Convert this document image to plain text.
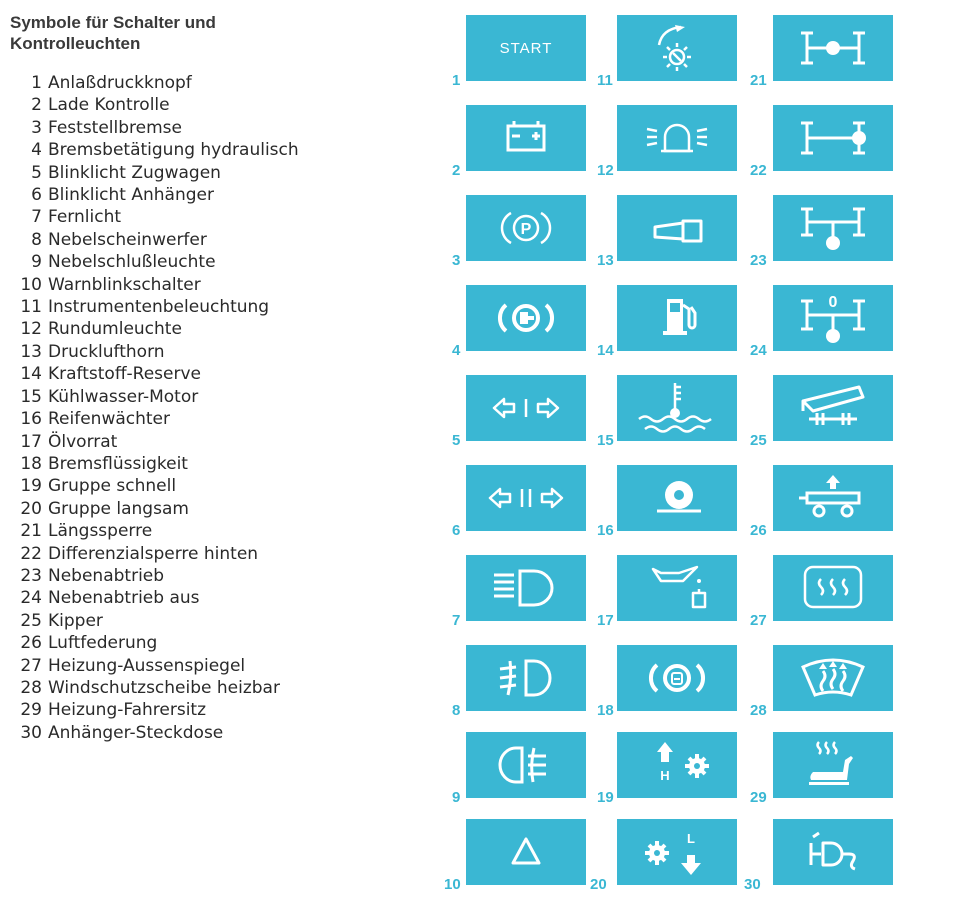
Symbole für Schalter und Kontrolleuchten
1 Anlaßdruckknopf
2 Lade Kontrolle
3 Feststellbremse
4 Bremsbetätigung hydraulisch
5 Blinklicht Zugwagen
6 Blinklicht Anhänger
7 Fernlicht
8 Nebelscheinwerfer
9 Nebelschlußleuchte
10 Warnblinkschalter
11 Instrumentenbeleuchtung
12 Rundumleuchte
13 Drucklufthorn
14 Kraftstoff-Reserve
15 Kühlwasser-Motor
16 Reifenwächter
17 Ölvorrat
18 Bremsflüssigkeit
19 Gruppe schnell
20 Gruppe langsam
21 Längssperre
22 Differenzialsperre hinten
23 Nebenabtrieb
24 Nebenabtrieb aus
25 Kipper
26 Luftfederung
27 Heizung-Aussenspiegel
28 Windschutzscheibe heizbar
29 Heizung-Fahrersitz
30 Anhänger-Steckdose
START
1
2
P
3
4
5
6
7
8
9
10
11
12
13
14
15
16
17
18
H
19
L
20
21
22
23
0
24
25
26
27
28
29
30
